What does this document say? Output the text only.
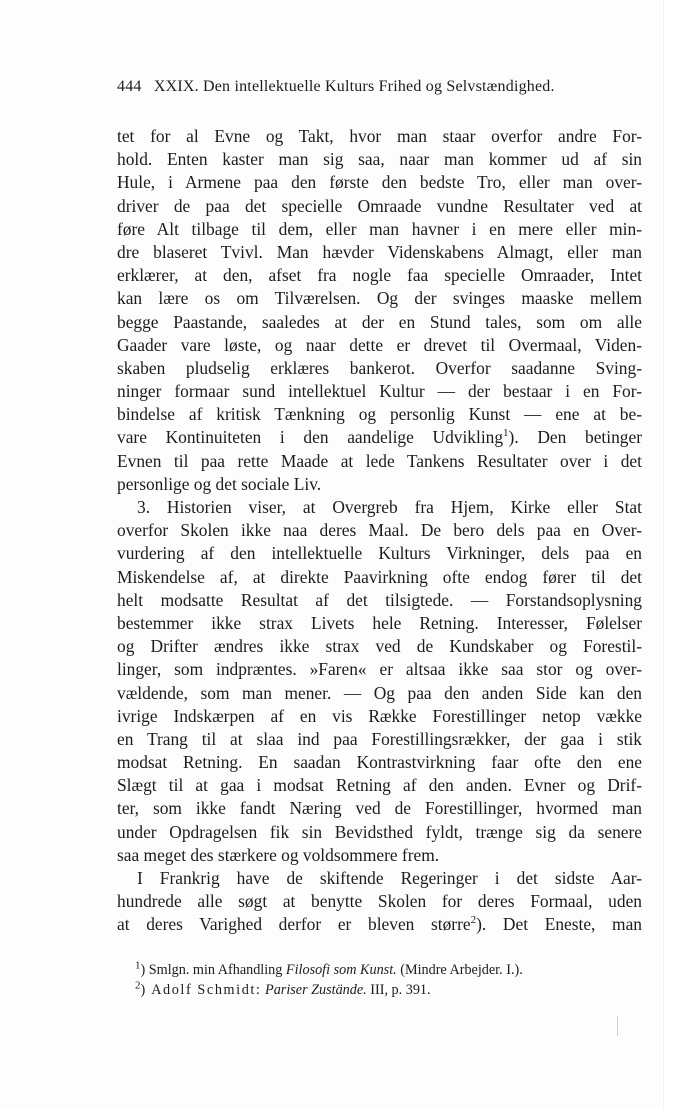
444 XXIX. Den intellektuelle Kulturs Frihed og Selvstændighed.
tet for al Evne og Takt, hvor man staar overfor andre For-
hold. Enten kaster man sig saa, naar man kommer ud af sin
Hule, i Armene paa den første den bedste Tro, eller man over-
driver de paa det specielle Omraade vundne Resultater ved at
føre Alt tilbage til dem, eller man havner i en mere eller min-
dre blaseret Tvivl. Man hævder Videnskabens Almagt, eller man
erklærer, at den, afset fra nogle faa specielle Omraader, Intet
kan lære os om Tilværelsen. Og der svinges maaske mellem
begge Paastande, saaledes at der en Stund tales, som om alle
Gaader vare løste, og naar dette er drevet til Overmaal, Viden-
skaben pludselig erklæres bankerot. Overfor saadanne Sving-
ninger formaar sund intellektuel Kultur — der bestaar i en For-
bindelse af kritisk Tænkning og personlig Kunst — ene at be-
vare Kontinuiteten i den aandelige Udvikling$^1$). Den betinger
Evnen til paa rette Maade at lede Tankens Resultater over i det
personlige og det sociale Liv.
3. Historien viser, at Overgreb fra Hjem, Kirke eller Stat
overfor Skolen ikke naa deres Maal. De bero dels paa en Over-
vurdering af den intellektuelle Kulturs Virkninger, dels paa en
Miskendelse af, at direkte Paavirkning ofte endog fører til det
helt modsatte Resultat af det tilsigtede. — Forstandsoplysning
bestemmer ikke strax Livets hele Retning. Interesser, Følelser
og Drifter ændres ikke strax ved de Kundskaber og Forestil-
linger, som indpræntes. »Faren« er altsaa ikke saa stor og over-
vældende, som man mener. — Og paa den anden Side kan den
ivrige Indskærpen af en vis Række Forestillinger netop vække
en Trang til at slaa ind paa Forestillingsrækker, der gaa i stik
modsat Retning. En saadan Kontrastvirkning faar ofte den ene
Slægt til at gaa i modsat Retning af den anden. Evner og Drif-
ter, som ikke fandt Næring ved de Forestillinger, hvormed man
under Opdragelsen fik sin Bevidsthed fyldt, trænge sig da senere
saa meget des stærkere og voldsommere frem.
I Frankrig have de skiftende Regeringer i det sidste Aar-
hundrede alle søgt at benytte Skolen for deres Formaal, uden
at deres Varighed derfor er bleven større$^2$). Det Eneste, man
$^1$) Smlgn. min Afhandling Filosofi som Kunst. (Mindre Arbejder. I.).
$^2$) Adolf Schmidt: Pariser Zustände. III, p. 391.
